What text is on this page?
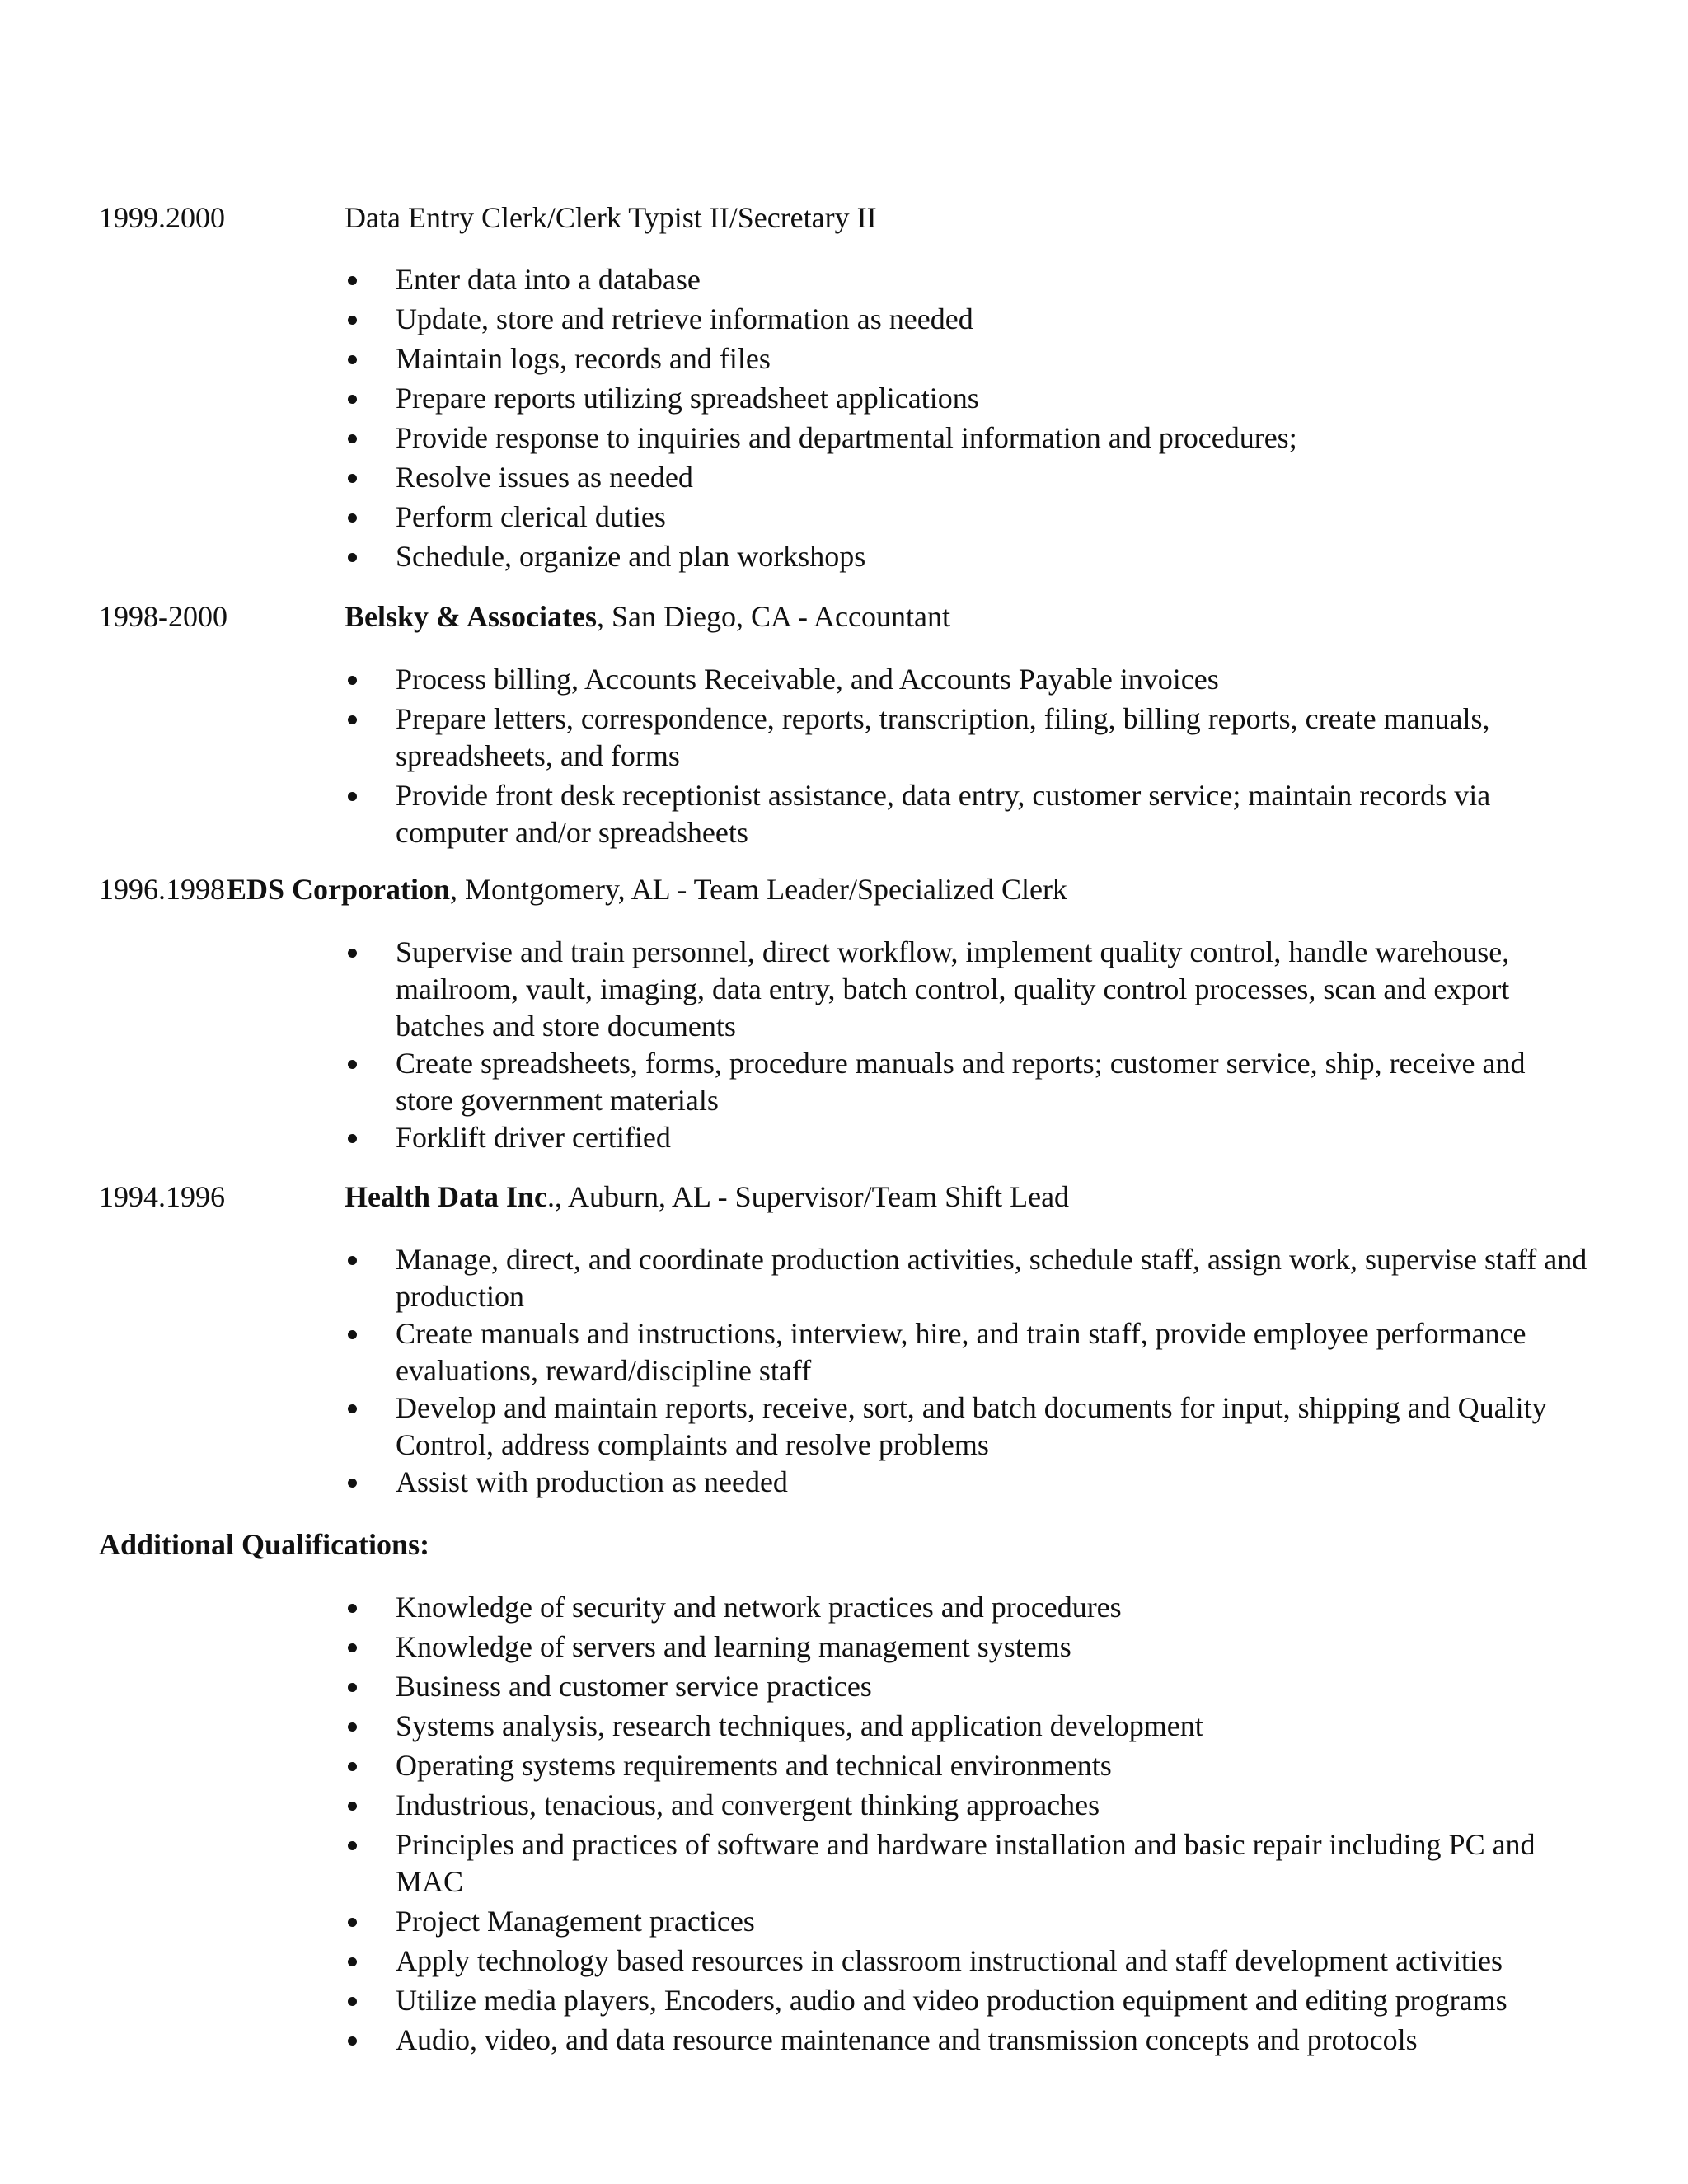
1999.2000	Data Entry Clerk/Clerk Typist II/Secretary II
Enter data into a database
Update, store and retrieve information as needed
Maintain logs, records and files
Prepare reports utilizing spreadsheet applications
Provide response to inquiries and departmental information and procedures;
Resolve issues as needed
Perform clerical duties
Schedule, organize and plan workshops
1998-2000	Belsky & Associates, San Diego, CA - Accountant
Process billing, Accounts Receivable, and Accounts Payable invoices
Prepare letters, correspondence, reports, transcription, filing, billing reports, create manuals, spreadsheets, and forms
Provide front desk receptionist assistance, data entry, customer service; maintain records via computer and/or spreadsheets
1996.1998 EDS Corporation, Montgomery, AL - Team Leader/Specialized Clerk
Supervise and train personnel, direct workflow, implement quality control, handle warehouse, mailroom, vault, imaging, data entry, batch control, quality control processes, scan and export batches and store documents
Create spreadsheets, forms, procedure manuals and reports; customer service, ship, receive and store government materials
Forklift driver certified
1994.1996	Health Data Inc., Auburn, AL - Supervisor/Team Shift Lead
Manage, direct, and coordinate production activities, schedule staff, assign work, supervise staff and production
Create manuals and instructions, interview, hire, and train staff, provide employee performance evaluations, reward/discipline staff
Develop and maintain reports, receive, sort, and batch documents for input, shipping and Quality Control, address complaints and resolve problems
Assist with production as needed
Additional Qualifications:
Knowledge of security and network practices and procedures
Knowledge of servers and learning management systems
Business and customer service practices
Systems analysis, research techniques, and application development
Operating systems requirements and technical environments
Industrious, tenacious, and convergent thinking approaches
Principles and practices of software and hardware installation and basic repair including PC and MAC
Project Management practices
Apply technology based resources in classroom instructional and staff development activities
Utilize media players, Encoders, audio and video production equipment and editing programs
Audio, video, and data resource maintenance and transmission concepts and protocols
